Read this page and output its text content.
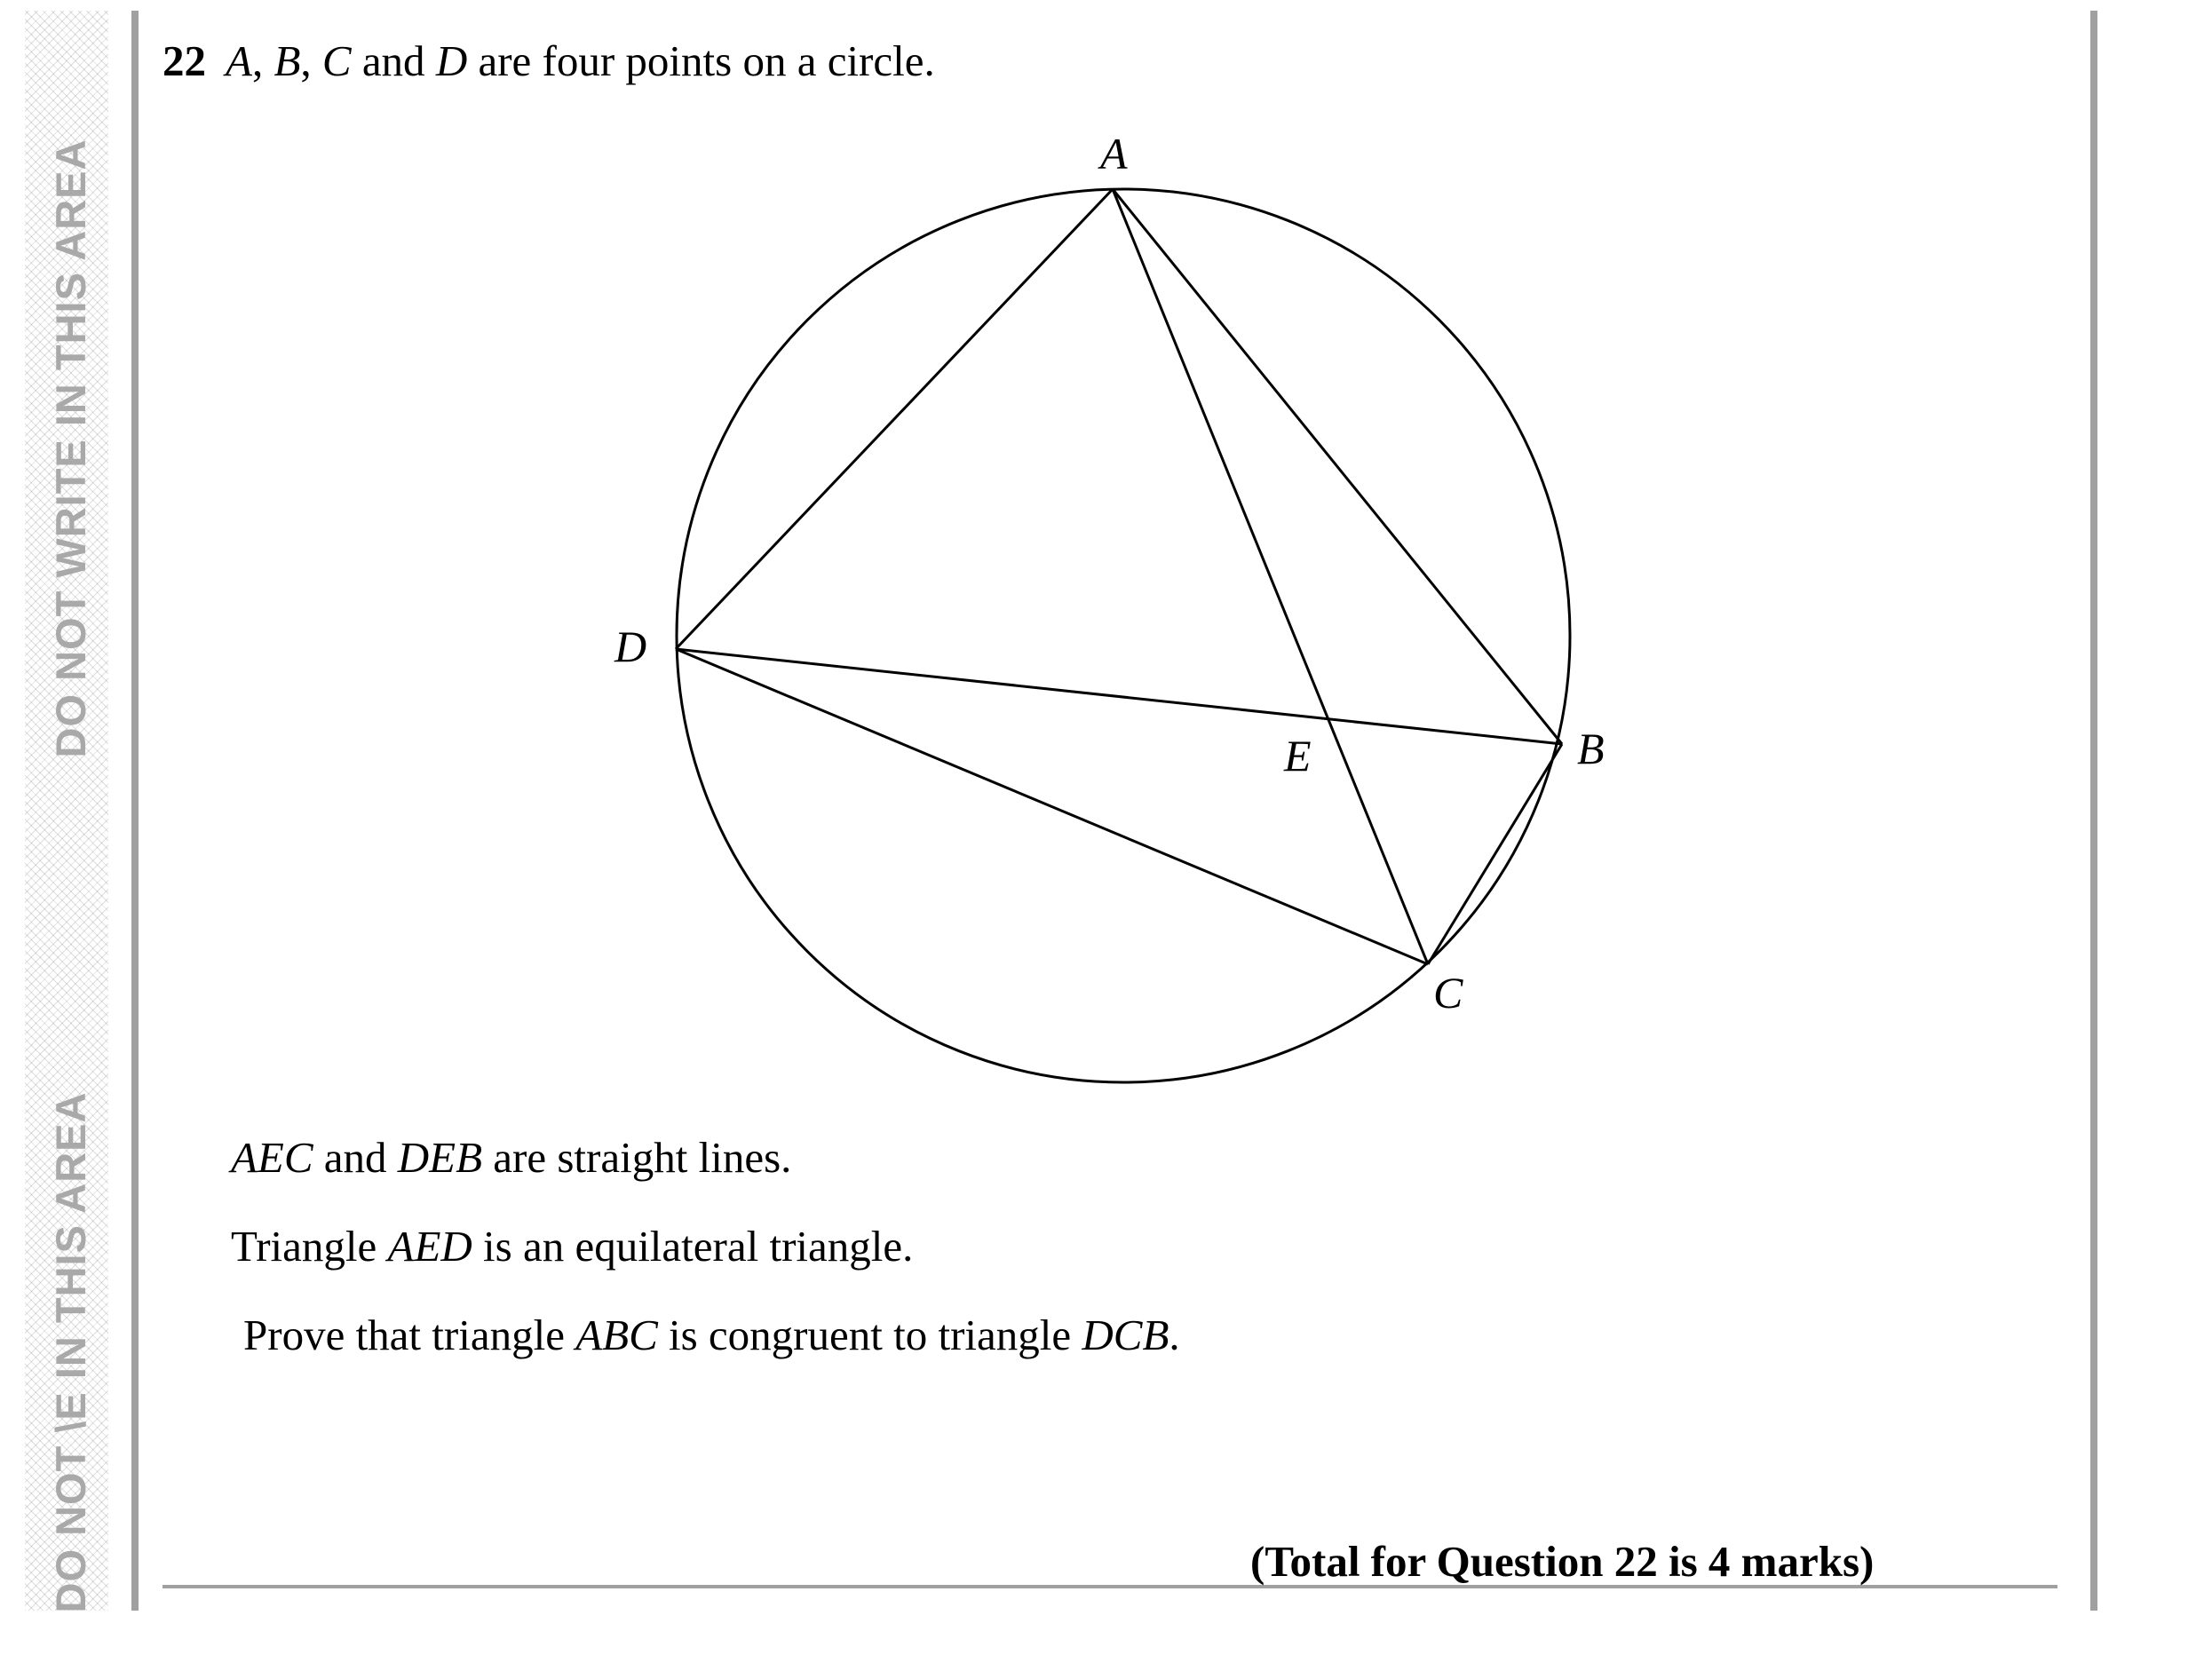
DO NOT WRITE IN THIS AREA
DO NOT \E IN THIS AREA
22 A, B, C and D are four points on a circle.
A
D
B
E
C
AEC and DEB are straight lines.
Triangle AED is an equilateral triangle.
Prove that triangle ABC is congruent to triangle DCB.
(Total for Question 22 is 4 marks)
